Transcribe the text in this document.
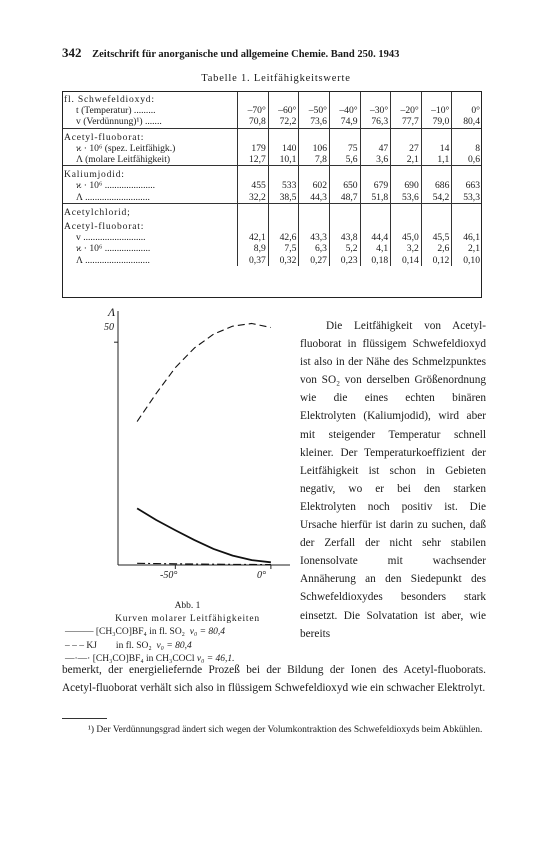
342 Zeitschrift für anorganische und allgemeine Chemie. Band 250. 1943
Tabelle 1. Leitfähigkeitswerte
fl. Schwefeldioxyd:								
t (Temperatur) .........	–70°	–60°	–50°	–40°	–30°	–20°	–10°	0°
v (Verdünnung)¹) .......	70,8	72,2	73,6	74,9	76,3	77,7	79,0	80,4
Acetyl-fluoborat:								
ϰ · 10⁶ (spez. Leitfähigk.)	179	140	106	75	47	27	14	8
Λ (molare Leitfähigkeit)	12,7	10,1	7,8	5,6	3,6	2,1	1,1	0,6
Kaliumjodid:								
ϰ · 10⁶ .....................	455	533	602	650	679	690	686	663
Λ ...........................	32,2	38,5	44,3	48,7	51,8	53,6	54,2	53,3
Acetylchlorid;								
Acetyl-fluoborat:								
v ..........................	42,1	42,6	43,3	43,8	44,4	45,0	45,5	46,1
ϰ · 10⁶ ...................	8,9	7,5	6,3	5,2	4,1	3,2	2,6	2,1
Λ ...........................	0,37	0,32	0,27	0,23	0,18	0,14	0,12	0,10
Λ
50
-50°	0°
Abb. 1
Kurven molarer Leitfähigkeiten
——— [CH₃CO]BF₄ in fl. SO₂ v₀ = 80,4
– – – KJ        in fl. SO₂ v₀ = 80,4
—·—· [CH₃CO]BF₄ in CH₃COCl v₀ = 46,1.

Die Leitfähigkeit von Acetyl-fluoborat in flüssigem Schwefeldioxyd ist also in der Nähe des Schmelzpunktes von SO₂ von derselben Größenordnung wie die eines echten binären Elektrolyten (Kaliumjodid), wird aber mit steigender Temperatur schnell kleiner. Der Temperaturkoeffizient der Leitfähigkeit ist schon in Gebieten negativ, wo er bei den starken Elektrolyten noch positiv ist. Die Ursache hierfür ist darin zu suchen, daß der Zerfall der nicht sehr stabilen Ionensolvate mit wachsender Annäherung an den Siedepunkt des Schwefeldioxydes besonders stark einsetzt. Die Solvatation ist aber, wie bereits

bemerkt, der energieliefernde Prozeß bei der Bildung der Ionen des Acetyl-fluoborats. Acetyl-fluoborat verhält sich also in flüssigem Schwefeldioxyd wie ein schwacher Elektrolyt.

¹) Der Verdünnungsgrad ändert sich wegen der Volumkontraktion des Schwefeldioxyds beim Abkühlen.
